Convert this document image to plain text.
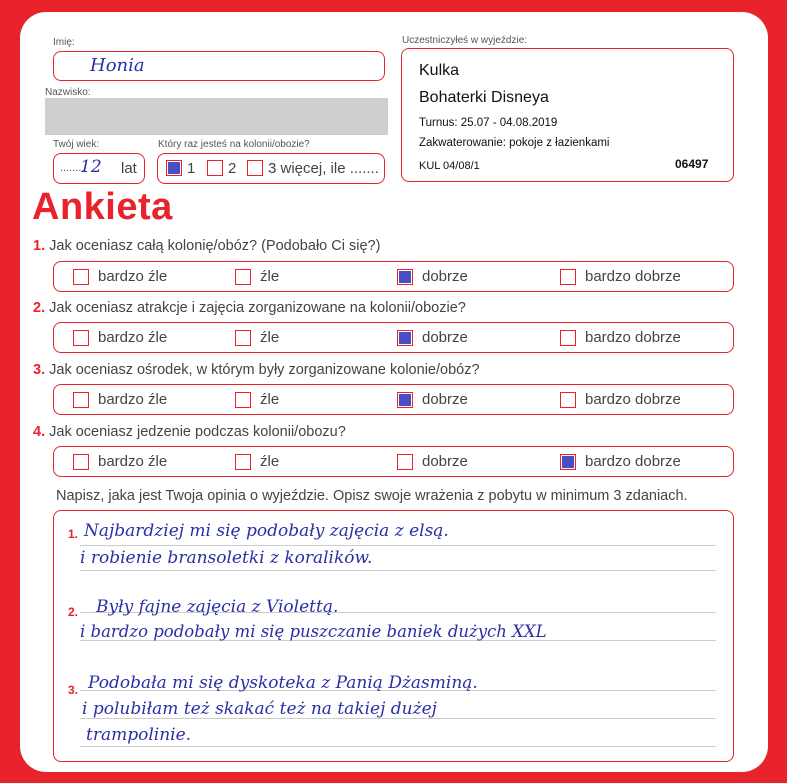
Imię:
Honia
Nazwisko:
Twój wiek:
........
12 lat
Który raz jesteś na kolonii/obozie?
1 2 3 więcej, ile .......
Uczestniczyłeś w wyjeździe:
Kulka
Bohaterki Disneya
Turnus: 25.07 - 04.08.2019
Zakwaterowanie: pokoje z łazienkami
KUL 04/08/1	06497
Ankieta
1. Jak oceniasz całą kolonię/obóz? (Podobało Ci się?)
bardzo źle	źle	dobrze	bardzo dobrze
2. Jak oceniasz atrakcje i zajęcia zorganizowane na kolonii/obozie?
bardzo źle	źle	dobrze	bardzo dobrze
3. Jak oceniasz ośrodek, w którym były zorganizowane kolonie/obóz?
bardzo źle	źle	dobrze	bardzo dobrze
4. Jak oceniasz jedzenie podczas kolonii/obozu?
bardzo źle	źle	dobrze	bardzo dobrze
Napisz, jaka jest Twoja opinia o wyjeździe. Opisz swoje wrażenia z pobytu w minimum 3 zdaniach.
1. Najbardziej mi się podobały zajęcia z elsą.
i robienie bransoletki z koralików.
2. Były fajne zajęcia z Violettą.
i bardzo podobały mi się puszczanie baniek dużych XXL
3. Podobała mi się dyskoteka z Panią Dżasminą.
i polubiłam też skakać też na takiej dużej
trampolinie.
